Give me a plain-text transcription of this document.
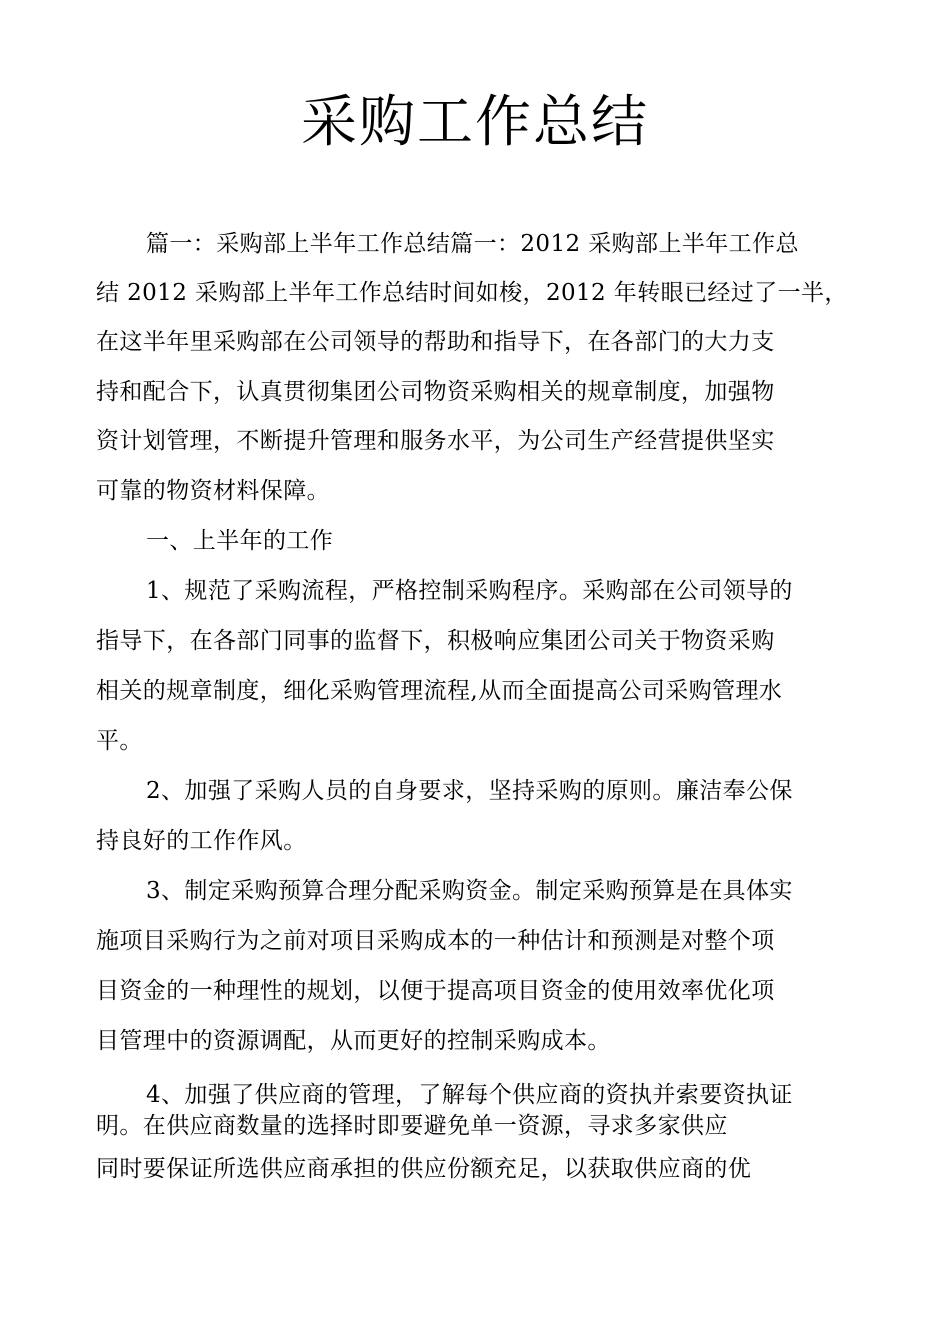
采购工作总结
篇一：采购部上半年工作总结篇一：2012 采购部上半年工作总
结 2012 采购部上半年工作总结时间如梭，2012 年转眼已经过了一半，
在这半年里采购部在公司领导的帮助和指导下，在各部门的大力支
持和配合下，认真贯彻集团公司物资采购相关的规章制度，加强物
资计划管理，不断提升管理和服务水平，为公司生产经营提供坚实
可靠的物资材料保障。
一、上半年的工作
1、规范了采购流程，严格控制采购程序。采购部在公司领导的
指导下，在各部门同事的监督下，积极响应集团公司关于物资采购
相关的规章制度，细化采购管理流程,从而全面提高公司采购管理水
平。
2、加强了采购人员的自身要求，坚持采购的原则。廉洁奉公保
持良好的工作作风。
3、制定采购预算合理分配采购资金。制定采购预算是在具体实
施项目采购行为之前对项目采购成本的一种估计和预测是对整个项
目资金的一种理性的规划，以便于提高项目资金的使用效率优化项
目管理中的资源调配，从而更好的控制采购成本。
4、加强了供应商的管理，了解每个供应商的资执并索要资执证
明。在供应商数量的选择时即要避免单一资源，寻求多家供应
同时要保证所选供应商承担的供应份额充足，以获取供应商的优
